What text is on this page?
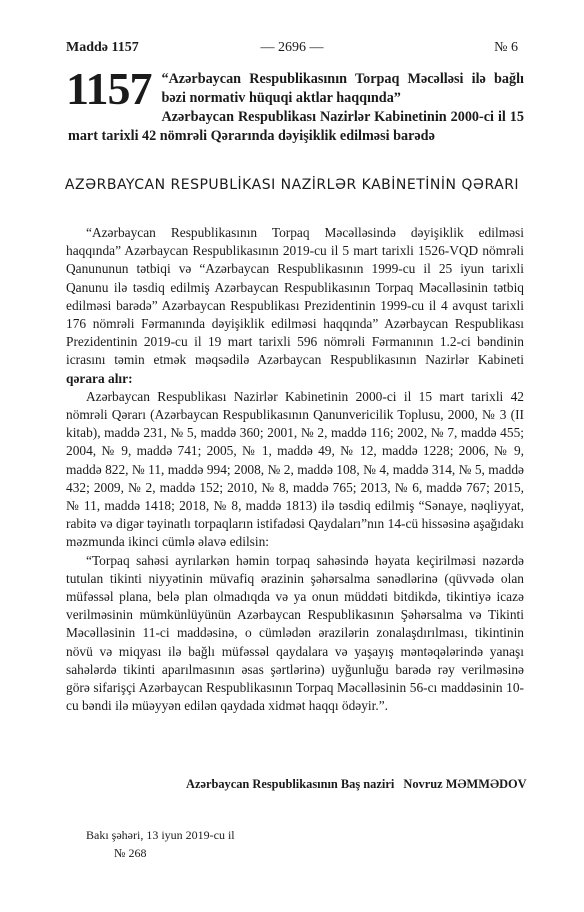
Maddə 1157	— 2696 —	№ 6
1157 “Azərbaycan Respublikasının Torpaq Məcəlləsi ilə bağlı bəzi normativ hüquqi aktlar haqqında”
Azərbaycan Respublikası Nazirlər Kabinetinin 2000-ci il 15 mart tarixli 42 nömrəli Qərarında dəyişiklik edilməsi barədə

AZƏRBAYCAN RESPUBLİKASI NAZİRLƏR KABİNETİNİN QƏRARI

“Azərbaycan Respublikasının Torpaq Məcəlləsində dəyişiklik edilməsi haqqında” Azərbaycan Respublikasının 2019-cu il 5 mart tarixli 1526-VQD nömrəli Qanununun tətbiqi və “Azərbaycan Respublikasının 1999-cu il 25 iyun tarixli Qanunu ilə təsdiq edilmiş Azərbaycan Respublikasının Torpaq Məcəlləsinin tətbiq edilməsi barədə” Azərbaycan Respublikası Prezidentinin 1999-cu il 4 avqust tarixli 176 nömrəli Fərmanında dəyişiklik edilməsi haqqında” Azərbaycan Respublikası Prezidentinin 2019-cu il 19 mart tarixli 596 nömrəli Fərmanının 1.2-ci bəndinin icrasını təmin etmək məqsədilə Azərbaycan Respublikasının Nazirlər Kabineti qərara alır:

Azərbaycan Respublikası Nazirlər Kabinetinin 2000-ci il 15 mart tarixli 42 nömrəli Qərarı (Azərbaycan Respublikasının Qanunvericilik Toplusu, 2000, № 3 (II kitab), maddə 231, № 5, maddə 360; 2001, № 2, maddə 116; 2002, № 7, maddə 455; 2004, № 9, maddə 741; 2005, № 1, maddə 49, № 12, maddə 1228; 2006, № 9, maddə 822, № 11, maddə 994; 2008, № 2, maddə 108, № 4, maddə 314, № 5, maddə 432; 2009, № 2, maddə 152; 2010, № 8, maddə 765; 2013, № 6, maddə 767; 2015, № 11, maddə 1418; 2018, № 8, maddə 1813) ilə təsdiq edilmiş “Sənaye, nəqliyyat, rabitə və digər təyinatlı torpaqların istifadəsi Qaydaları”nın 14-cü hissəsinə aşağıdakı məzmunda ikinci cümlə əlavə edilsin:

“Torpaq sahəsi ayrılarkən həmin torpaq sahəsində həyata keçirilməsi nəzərdə tutulan tikinti niyyətinin müvafiq ərazinin şəhərsalma sənədlərinə (qüvvədə olan müfəssəl plana, belə plan olmadıqda və ya onun müddəti bitdikdə, tikintiyə icazə verilməsinin mümkünlüyünün Azərbaycan Respublikasının Şəhərsalma və Tikinti Məcəlləsinin 11-ci maddəsinə, o cümlədən ərazilərin zonalaşdırılması, tikintinin növü və miqyası ilə bağlı müfəssəl qaydalara və yaşayış məntəqələrində yanaşı sahələrdə tikinti aparılmasının əsas şərtlərinə) uyğunluğu barədə rəy verilməsinə görə sifarişçi Azərbaycan Respublikasının Torpaq Məcəlləsinin 56-cı maddəsinin 10-cu bəndi ilə müəyyən edilən qaydada xidmət haqqı ödəyir.”.

Azərbaycan Respublikasının Baş naziri Novruz MƏMMƏDOV
Bakı şəhəri, 13 iyun 2019-cu il
№ 268
